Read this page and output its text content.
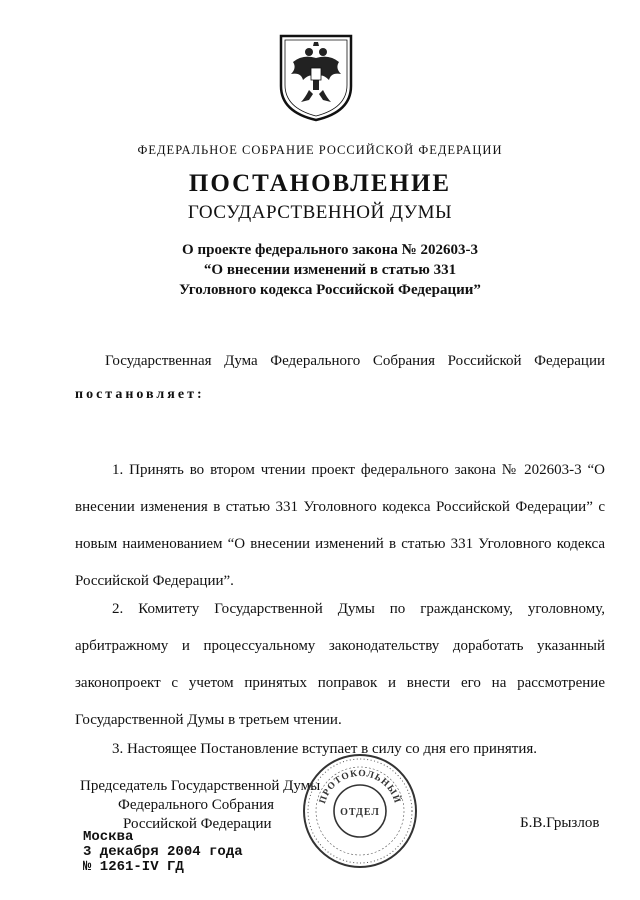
ФЕДЕРАЛЬНОЕ СОБРАНИЕ РОССИЙСКОЙ ФЕДЕРАЦИИ
ПОСТАНОВЛЕНИЕ
ГОСУДАРСТВЕННОЙ ДУМЫ
О проекте федерального закона № 202603-3
“О внесении изменений в статью 331
Уголовного кодекса Российской Федерации”
Государственная Дума Федерального Собрания Российской Федерации
постановляет:
1. Принять во втором чтении проект федерального закона № 202603-3 “О внесении изменения в статью 331 Уголовного кодекса Российской Федерации” с новым наименованием “О внесении изменений в статью 331 Уголовного кодекса Российской Федерации”.
2. Комитету Государственной Думы по гражданскому, уголовному, арбитражному и процессуальному законодательству доработать указанный законопроект с учетом принятых поправок и внести его на рассмотрение Государственной Думы в третьем чтении.
3. Настоящее Постановление вступает в силу со дня его принятия.
Председатель Государственной Думы
Федерального Собрания
Российской Федерации	Б.В.Грызлов
Москва
3 декабря 2004 года
№ 1261-IV ГД
ПРОТОКОЛЬНЫЙ
ОТДЕЛ
